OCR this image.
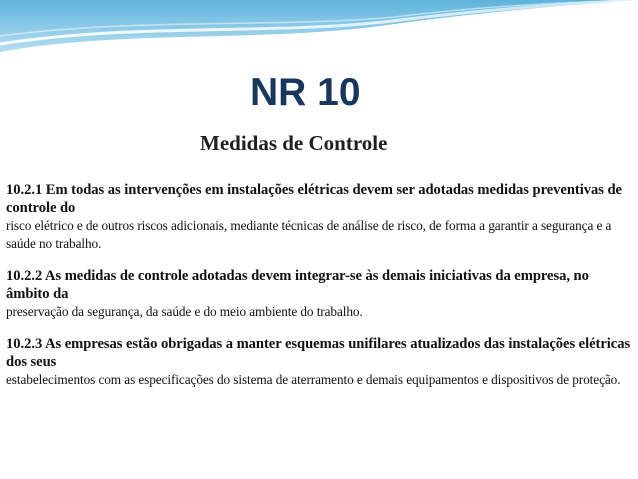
NR 10
Medidas de Controle

10.2.1 Em todas as intervenções em instalações elétricas devem ser adotadas medidas preventivas de controle do
risco elétrico e de outros riscos adicionais, mediante técnicas de análise de risco, de forma a garantir a segurança e a saúde no trabalho.

10.2.2 As medidas de controle adotadas devem integrar-se às demais iniciativas da empresa, no âmbito da
preservação da segurança, da saúde e do meio ambiente do trabalho.

10.2.3 As empresas estão obrigadas a manter esquemas unifilares atualizados das instalações elétricas dos seus
estabelecimentos com as especificações do sistema de aterramento e demais equipamentos e dispositivos de proteção.
